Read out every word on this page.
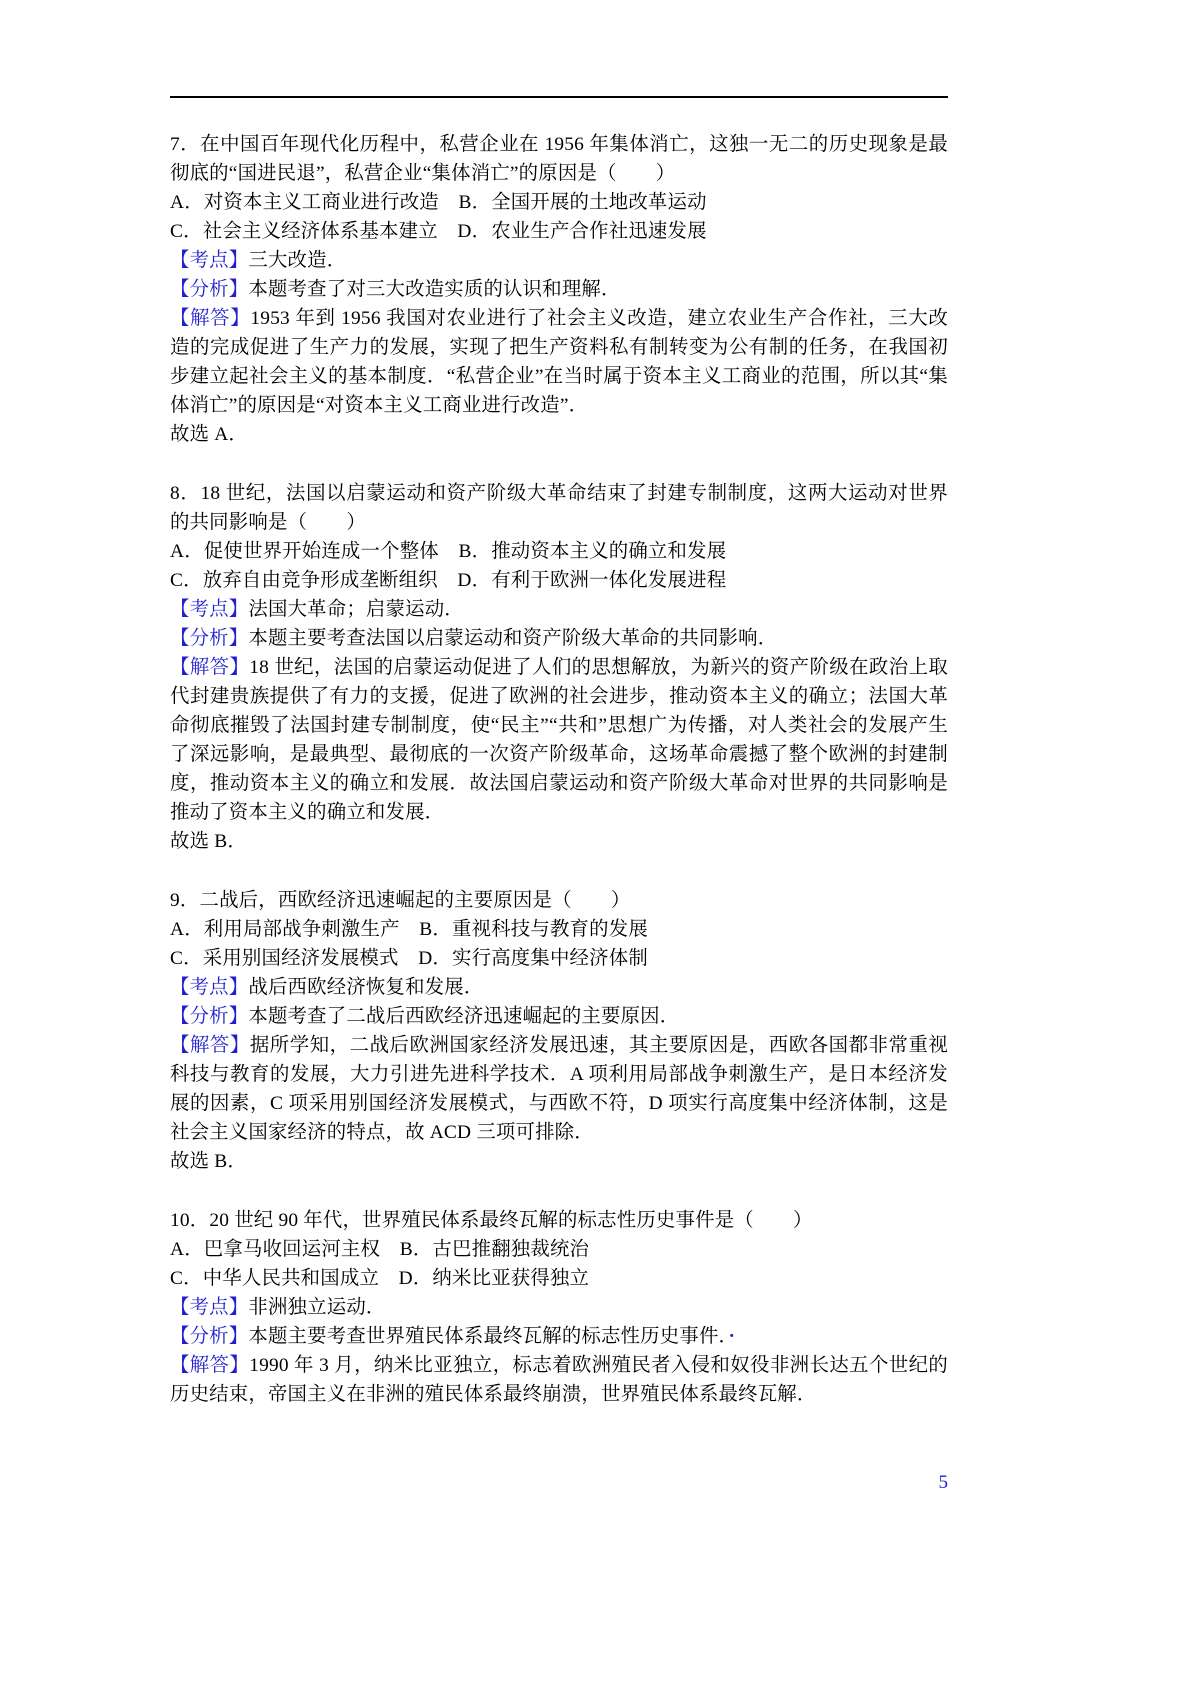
7．在中国百年现代化历程中，私营企业在 1956 年集体消亡，这独一无二的历史现象是最彻底的“国进民退”，私营企业“集体消亡”的原因是（　　）

A．对资本主义工商业进行改造　B．全国开展的土地改革运动

C．社会主义经济体系基本建立　D．农业生产合作社迅速发展

【考点】三大改造．

【分析】本题考查了对三大改造实质的认识和理解．

【解答】1953 年到 1956 我国对农业进行了社会主义改造，建立农业生产合作社，三大改造的完成促进了生产力的发展，实现了把生产资料私有制转变为公有制的任务，在我国初步建立起社会主义的基本制度．“私营企业”在当时属于资本主义工商业的范围，所以其“集体消亡”的原因是“对资本主义工商业进行改造”．

故选 A．

8．18 世纪，法国以启蒙运动和资产阶级大革命结束了封建专制制度，这两大运动对世界的共同影响是（　　）

A．促使世界开始连成一个整体　B．推动资本主义的确立和发展

C．放弃自由竞争形成垄断组织　D．有利于欧洲一体化发展进程

【考点】法国大革命；启蒙运动．

【分析】本题主要考查法国以启蒙运动和资产阶级大革命的共同影响．

【解答】18 世纪，法国的启蒙运动促进了人们的思想解放，为新兴的资产阶级在政治上取代封建贵族提供了有力的支援，促进了欧洲的社会进步，推动资本主义的确立；法国大革命彻底摧毁了法国封建专制制度，使“民主”“共和”思想广为传播，对人类社会的发展产生了深远影响，是最典型、最彻底的一次资产阶级革命，这场革命震撼了整个欧洲的封建制度，推动资本主义的确立和发展．故法国启蒙运动和资产阶级大革命对世界的共同影响是推动了资本主义的确立和发展．

故选 B．

9．二战后，西欧经济迅速崛起的主要原因是（　　）

A．利用局部战争刺激生产　B．重视科技与教育的发展

C．采用别国经济发展模式　D．实行高度集中经济体制

【考点】战后西欧经济恢复和发展．

【分析】本题考查了二战后西欧经济迅速崛起的主要原因．

【解答】据所学知，二战后欧洲国家经济发展迅速，其主要原因是，西欧各国都非常重视科技与教育的发展，大力引进先进科学技术．A 项利用局部战争刺激生产，是日本经济发展的因素，C 项采用别国经济发展模式，与西欧不符，D 项实行高度集中经济体制，这是社会主义国家经济的特点，故 ACD 三项可排除．

故选 B．

10．20 世纪 90 年代，世界殖民体系最终瓦解的标志性历史事件是（　　）

A．巴拿马收回运河主权　B．古巴推翻独裁统治

C．中华人民共和国成立　D．纳米比亚获得独立

【考点】非洲独立运动．

【分析】本题主要考查世界殖民体系最终瓦解的标志性历史事件．·

【解答】1990 年 3 月，纳米比亚独立，标志着欧洲殖民者入侵和奴役非洲长达五个世纪的历史结束，帝国主义在非洲的殖民体系最终崩溃，世界殖民体系最终瓦解．

5
